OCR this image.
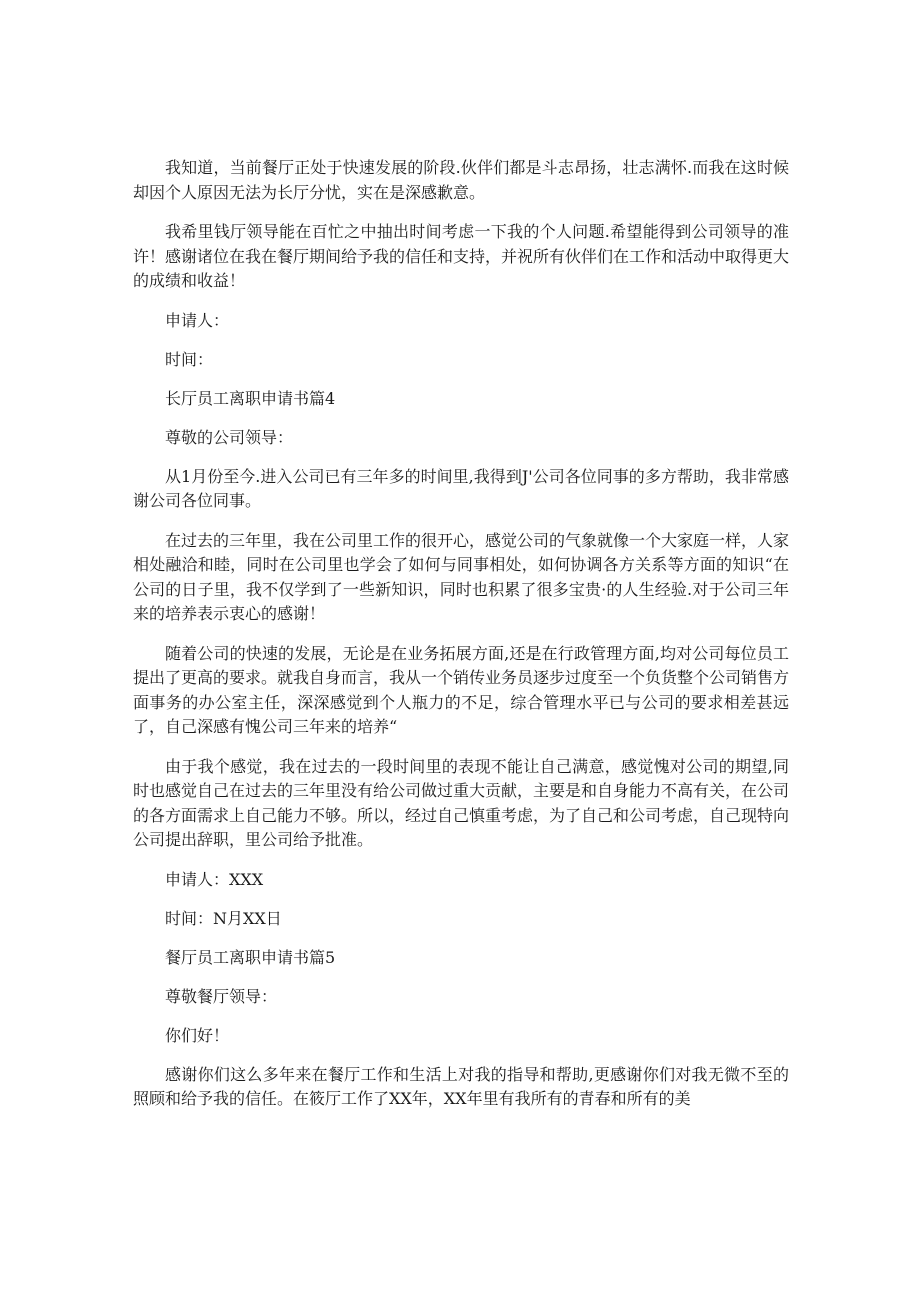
我知道，当前餐厅正处于快速发展的阶段.伙伴们都是斗志昂扬，壮志满怀.而我在这时候却因个人原因无法为长厅分忧，实在是深感歉意。

我希里钱厅领导能在百忙之中抽出时间考虑一下我的个人问题.希望能得到公司领导的准许！感谢诸位在我在餐厅期间给予我的信任和支持，并祝所有伙伴们在工作和活动中取得更大的成绩和收益！

申请人：

时间：

长厅员工离职申请书篇4

尊敬的公司领导：

从1月份至今.进入公司已有三年多的时间里,我得到J'公司各位同事的多方帮助，我非常感谢公司各位同事。

在过去的三年里，我在公司里工作的很开心，感觉公司的气象就像一个大家庭一样，人家相处融洽和睦，同时在公司里也学会了如何与同事相处，如何协调各方关系等方面的知识“在公司的日子里，我不仅学到了一些新知识，同时也积累了很多宝贵·的人生经验.对于公司三年来的培养表示衷心的感谢！

随着公司的快速的发展，无论是在业务拓展方面,还是在行政管理方面,均对公司每位员工提出了更高的要求。就我自身而言，我从一个销传业务员逐步过度至一个负货整个公司销售方面事务的办公室主任，深深感觉到个人瓶力的不足，综合管理水平已与公司的要求相差甚远了，自己深感有愧公司三年来的培养“

由于我个感觉，我在过去的一段时间里的表现不能让自己满意，感觉愧对公司的期望,同时也感觉自己在过去的三年里没有给公司做过重大贡献，主要是和自身能力不高有关，在公司的各方面需求上自己能力不够。所以，经过自己慎重考虑，为了自己和公司考虑，自己现特向公司提出辞职，里公司给予批准。

申请人：XXX

时间：N月XX日

餐厅员工离职申请书篇5

尊敬餐厅领导：

你们好！

感谢你们这么多年来在餐厅工作和生活上对我的指导和帮助,更感谢你们对我无微不至的照顾和给予我的信任。在筱厅工作了XX年，XX年里有我所有的青春和所有的美
